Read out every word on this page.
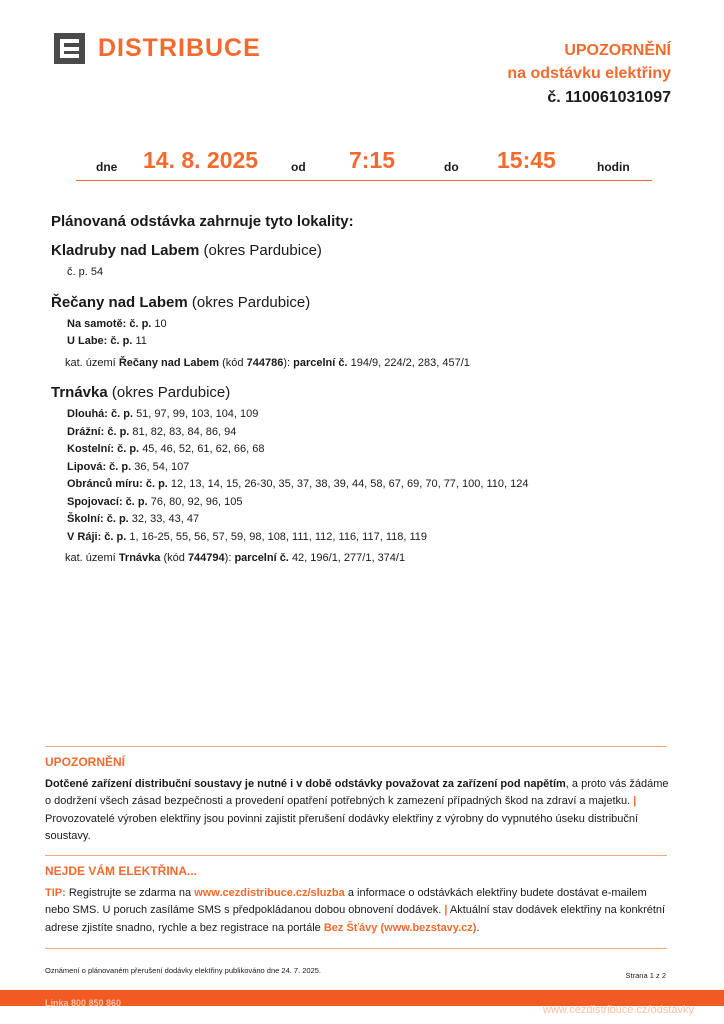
DISTRIBUCE	UPOZORNĚNÍ
na odstávku elektřiny
č. 110061031097
dne 14. 8. 2025	od 7:15	do 15:45	hodin
Plánovaná odstávka zahrnuje tyto lokality:
Kladruby nad Labem (okres Pardubice)
č. p. 54
Řečany nad Labem (okres Pardubice)
Na samotě: č. p. 10
U Labe: č. p. 11
kat. území Řečany nad Labem (kód 744786): parcelní č. 194/9, 224/2, 283, 457/1
Trnávka (okres Pardubice)
Dlouhá: č. p. 51, 97, 99, 103, 104, 109
Drážní: č. p. 81, 82, 83, 84, 86, 94
Kostelní: č. p. 45, 46, 52, 61, 62, 66, 68
Lipová: č. p. 36, 54, 107
Obránců míru: č. p. 12, 13, 14, 15, 26-30, 35, 37, 38, 39, 44, 58, 67, 69, 70, 77, 100, 110, 124
Spojovací: č. p. 76, 80, 92, 96, 105
Školní: č. p. 32, 33, 43, 47
V Ráji: č. p. 1, 16-25, 55, 56, 57, 59, 98, 108, 111, 112, 116, 117, 118, 119
kat. území Trnávka (kód 744794): parcelní č. 42, 196/1, 277/1, 374/1
UPOZORNĚNÍ
Dotčené zařízení distribuční soustavy je nutné i v době odstávky považovat za zařízení pod napětím, a proto vás žádáme o dodržení všech zásad bezpečnosti a provedení opatření potřebných k zamezení případných škod na zdraví a majetku. | Provozovatelé výroben elektřiny jsou povinni zajistit přerušení dodávky elektřiny z výrobny do vypnutého úseku distribuční soustavy.
NEJDE VÁM ELEKTŘINA...
TIP: Registrujte se zdarma na www.cezdistribuce.cz/sluzba a informace o odstávkách elektřiny budete dostávat e-mailem nebo SMS. U poruch zasíláme SMS s předpokládanou dobou obnovení dodávek. | Aktuální stav dodávek elektřiny na konkrétní adrese zjistíte snadno, rychle a bez registrace na portále Bez Šťávy (www.bezstavy.cz).
Oznámení o plánovaném přerušení dodávky elektřiny publikováno dne 24. 7. 2025.
Strana 1 z 2
Linka 800 850 860
www.cezdistribuce.cz/odstavky
